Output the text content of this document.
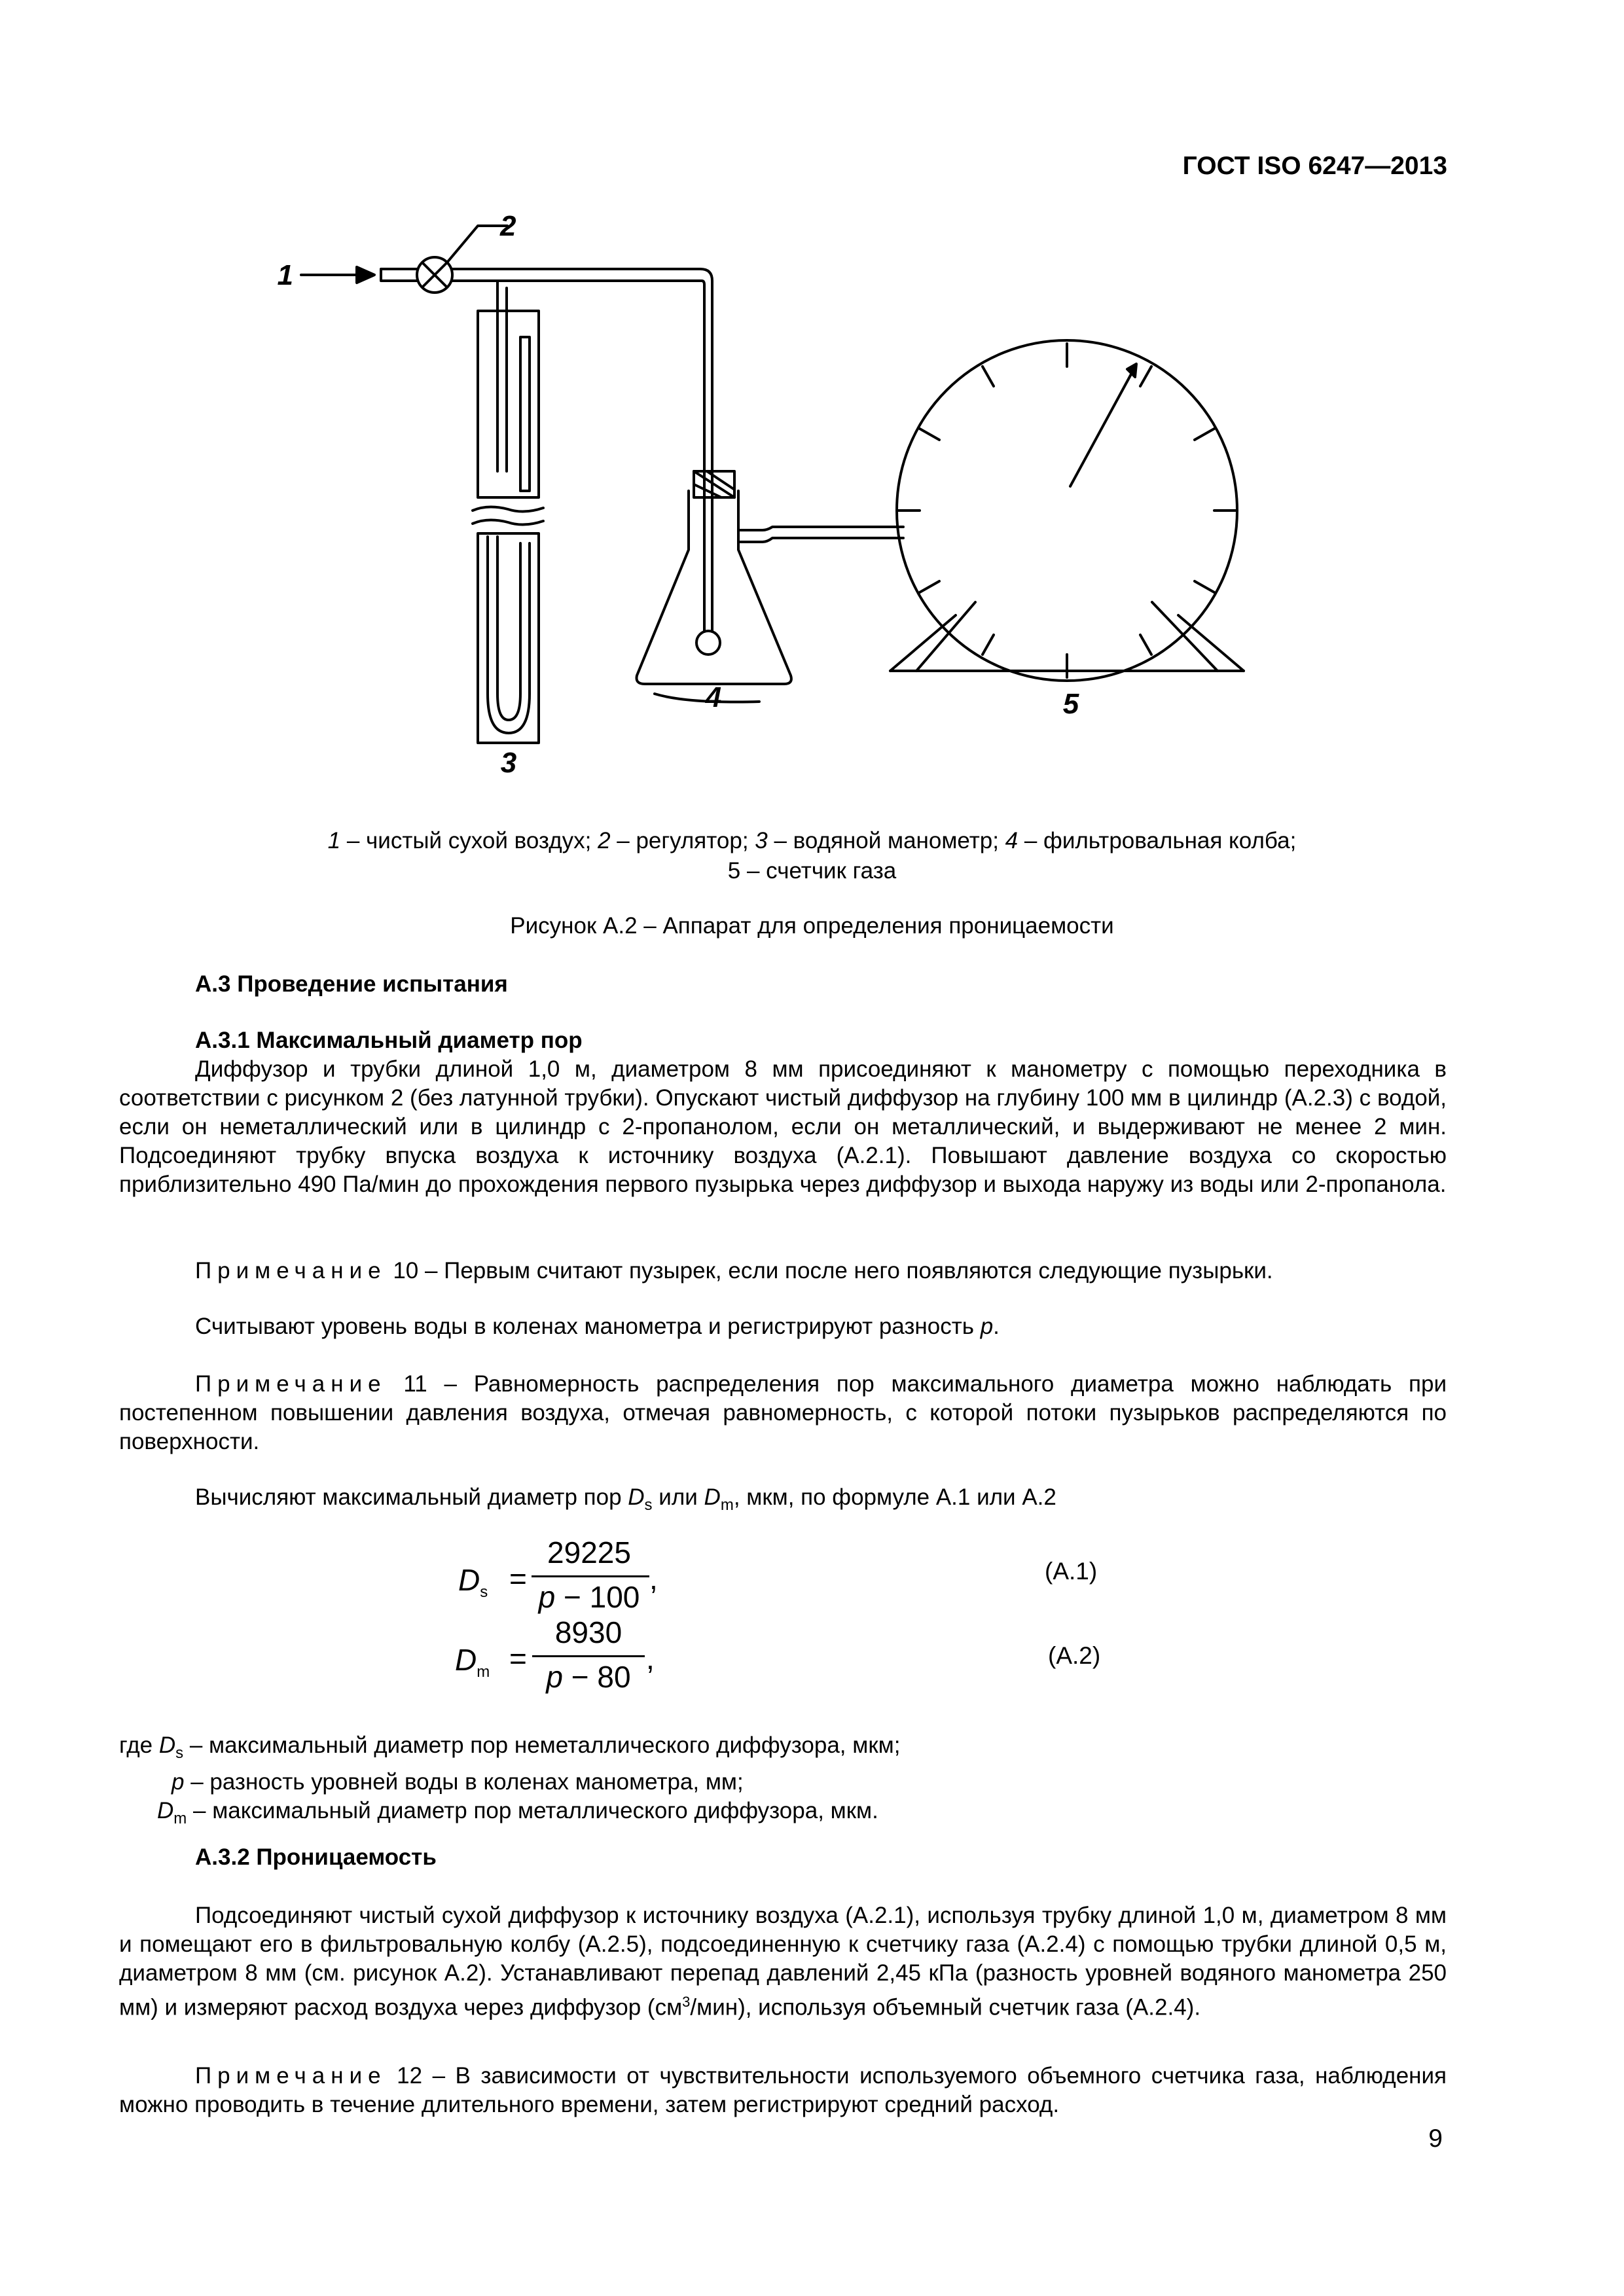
ГОСТ ISO 6247—2013
1
2
3
4	5
1 – чистый сухой воздух; 2 – регулятор; 3 – водяной манометр; 4 – фильтровальная колба;
5 – счетчик газа
Рисунок А.2 – Аппарат для определения проницаемости
А.3 Проведение испытания
А.3.1 Максимальный диаметр пор
Диффузор и трубки длиной 1,0 м, диаметром 8 мм присоединяют к манометру с помощью переходника в соответствии с рисунком 2 (без латунной трубки). Опускают чистый диффузор на глубину 100 мм в цилиндр (А.2.3) с водой, если он неметаллический или в цилиндр с 2-пропанолом, если он металлический, и выдерживают не менее 2 мин. Подсоединяют трубку впуска воздуха к источнику воздуха (А.2.1). Повышают давление воздуха со скоростью приблизительно 490 Па/мин до прохождения первого пузырька через диффузор и выхода наружу из воды или 2-пропанола.
Примечание 10 – Первым считают пузырек, если после него появляются следующие пузырьки.
Считывают уровень воды в коленах манометра и регистрируют разность p.
Примечание 11 – Равномерность распределения пор максимального диаметра можно наблюдать при постепенном повышении давления воздуха, отмечая равномерность, с которой потоки пузырьков распределяются по поверхности.
Вычисляют максимальный диаметр пор $D_s$ или $D_m$, мкм, по формуле А.1 или А.2
$D_s$ =
29225
p − 100
,	(А.1)
$D_m$ =
8930
p − 80
,	(А.2)
где $D_s$ – максимальный диаметр пор неметаллического диффузора, мкм;
p – разность уровней воды в коленах манометра, мм;
$D_m$ – максимальный диаметр пор металлического диффузора, мкм.
А.3.2 Проницаемость
Подсоединяют чистый сухой диффузор к источнику воздуха (А.2.1), используя трубку длиной 1,0 м, диаметром 8 мм и помещают его в фильтровальную колбу (А.2.5), подсоединенную к счетчику газа (А.2.4) с помощью трубки длиной 0,5 м, диаметром 8 мм (см. рисунок А.2). Устанавливают перепад давлений 2,45 кПа (разность уровней водяного манометра 250 мм) и измеряют расход воздуха через диффузор $(см^3/мин)$, используя объемный счетчик газа (А.2.4).
Примечание 12 – В зависимости от чувствительности используемого объемного счетчика газа, наблюдения можно проводить в течение длительного времени, затем регистрируют средний расход.
9
